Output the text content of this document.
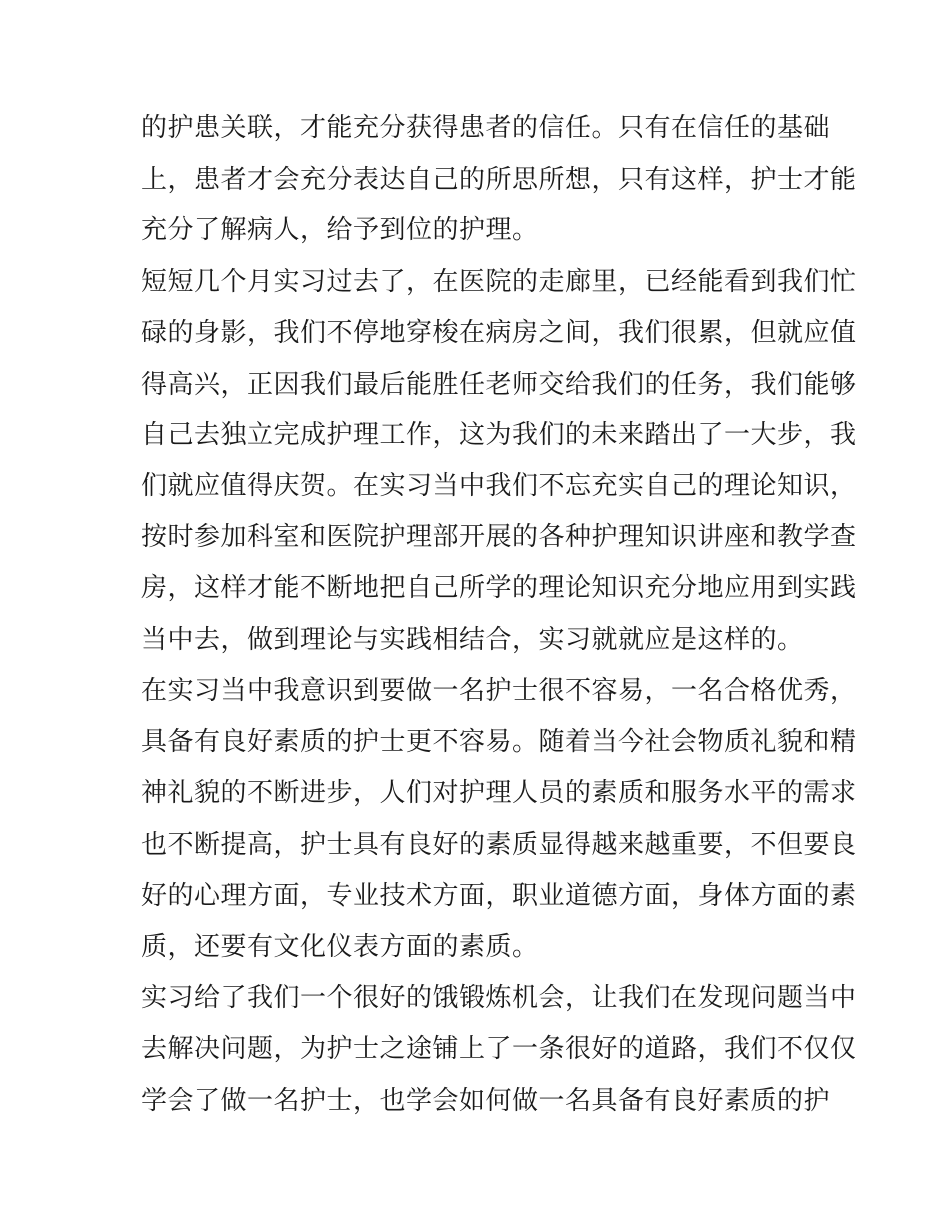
的护患关联，才能充分获得患者的信任。只有在信任的基础
上，患者才会充分表达自己的所思所想，只有这样，护士才能
充分了解病人，给予到位的护理。
短短几个月实习过去了，在医院的走廊里，已经能看到我们忙
碌的身影，我们不停地穿梭在病房之间，我们很累，但就应值
得高兴，正因我们最后能胜任老师交给我们的任务，我们能够
自己去独立完成护理工作，这为我们的未来踏出了一大步，我
们就应值得庆贺。在实习当中我们不忘充实自己的理论知识，
按时参加科室和医院护理部开展的各种护理知识讲座和教学查
房，这样才能不断地把自己所学的理论知识充分地应用到实践
当中去，做到理论与实践相结合，实习就就应是这样的。
在实习当中我意识到要做一名护士很不容易，一名合格优秀，
具备有良好素质的护士更不容易。随着当今社会物质礼貌和精
神礼貌的不断进步，人们对护理人员的素质和服务水平的需求
也不断提高，护士具有良好的素质显得越来越重要，不但要良
好的心理方面，专业技术方面，职业道德方面，身体方面的素
质，还要有文化仪表方面的素质。
实习给了我们一个很好的饿锻炼机会，让我们在发现问题当中
去解决问题，为护士之途铺上了一条很好的道路，我们不仅仅
学会了做一名护士，也学会如何做一名具备有良好素质的护
